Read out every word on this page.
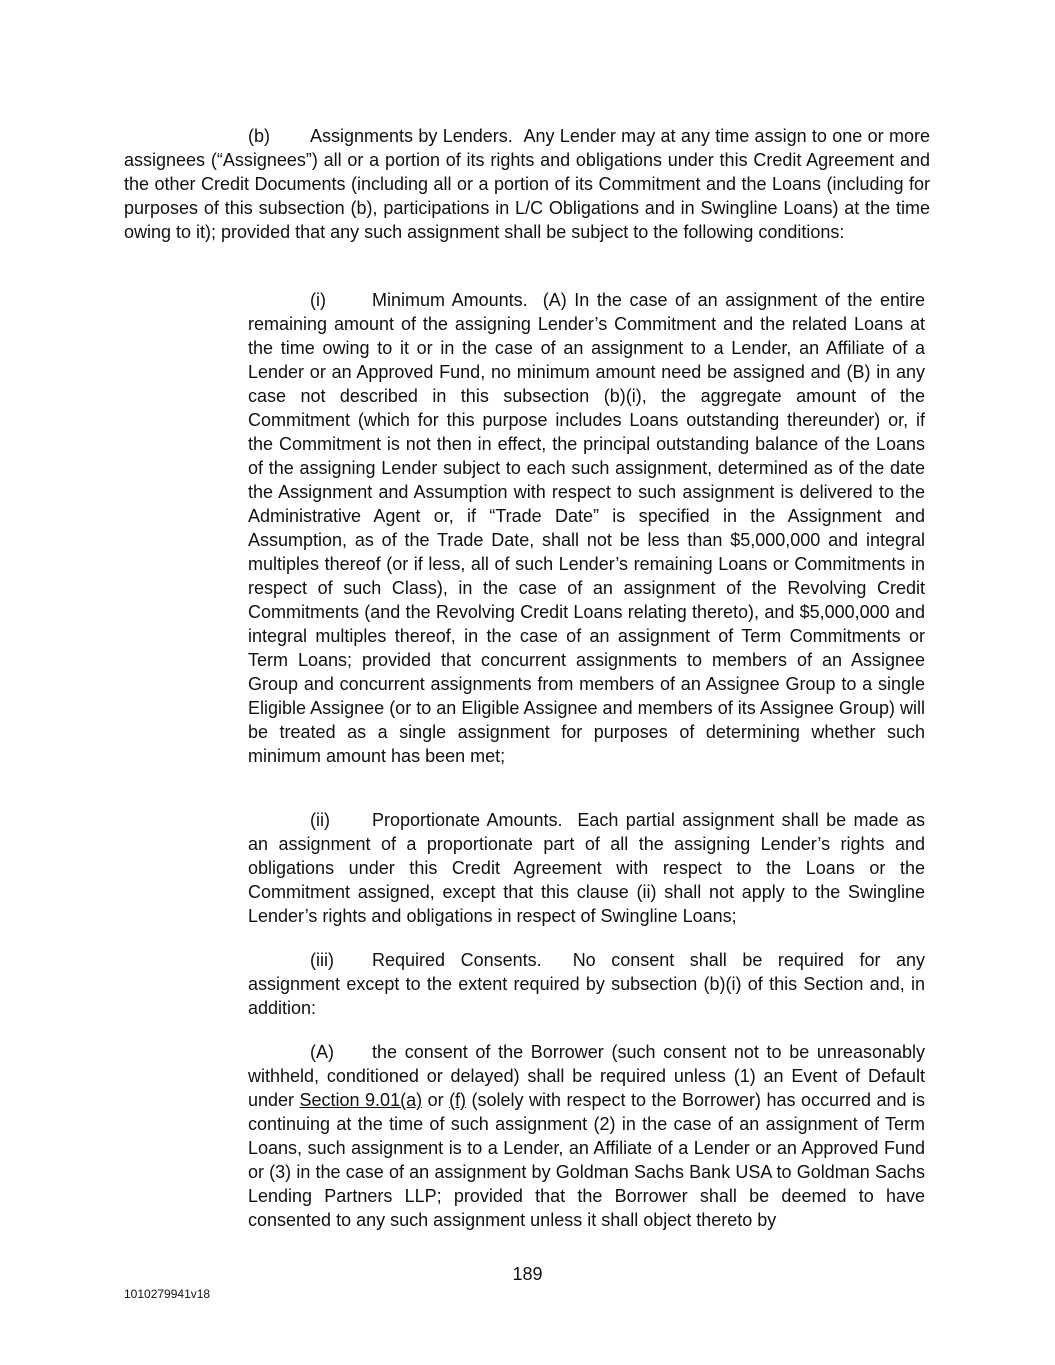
(b) Assignments by Lenders. Any Lender may at any time assign to one or more assignees (“Assignees”) all or a portion of its rights and obligations under this Credit Agreement and the other Credit Documents (including all or a portion of its Commitment and the Loans (including for purposes of this subsection (b), participations in L/C Obligations and in Swingline Loans) at the time owing to it); provided that any such assignment shall be subject to the following conditions:

(i)	Minimum Amounts. (A) In the case of an assignment of the entire remaining amount of the assigning Lender’s Commitment and the related Loans at the time owing to it or in the case of an assignment to a Lender, an Affiliate of a Lender or an Approved Fund, no minimum amount need be assigned and (B) in any case not described in this subsection (b)(i), the aggregate amount of the Commitment (which for this purpose includes Loans outstanding thereunder) or, if the Commitment is not then in effect, the principal outstanding balance of the Loans of the assigning Lender subject to each such assignment, determined as of the date the Assignment and Assumption with respect to such assignment is delivered to the Administrative Agent or, if “Trade Date” is specified in the Assignment and Assumption, as of the Trade Date, shall not be less than $5,000,000 and integral multiples thereof (or if less, all of such Lender’s remaining Loans or Commitments in respect of such Class), in the case of an assignment of the Revolving Credit Commitments (and the Revolving Credit Loans relating thereto), and $5,000,000 and integral multiples thereof, in the case of an assignment of Term Commitments or Term Loans; provided that concurrent assignments to members of an Assignee Group and concurrent assignments from members of an Assignee Group to a single Eligible Assignee (or to an Eligible Assignee and members of its Assignee Group) will be treated as a single assignment for purposes of determining whether such minimum amount has been met;

(ii) Proportionate Amounts. Each partial assignment shall be made as an assignment of a proportionate part of all the assigning Lender’s rights and obligations under this Credit Agreement with respect to the Loans or the Commitment assigned, except that this clause (ii) shall not apply to the Swingline Lender’s rights and obligations in respect of Swingline Loans;

(iii) Required Consents. No consent shall be required for any assignment except to the extent required by subsection (b)(i) of this Section and, in addition:

(A) the consent of the Borrower (such consent not to be unreasonably withheld, conditioned or delayed) shall be required unless (1) an Event of Default under Section 9.01(a) or (f) (solely with respect to the Borrower) has occurred and is continuing at the time of such assignment (2) in the case of an assignment of Term Loans, such assignment is to a Lender, an Affiliate of a Lender or an Approved Fund or (3) in the case of an assignment by Goldman Sachs Bank USA to Goldman Sachs Lending Partners LLP; provided that the Borrower shall be deemed to have consented to any such assignment unless it shall object thereto by

189
1010279941v18
